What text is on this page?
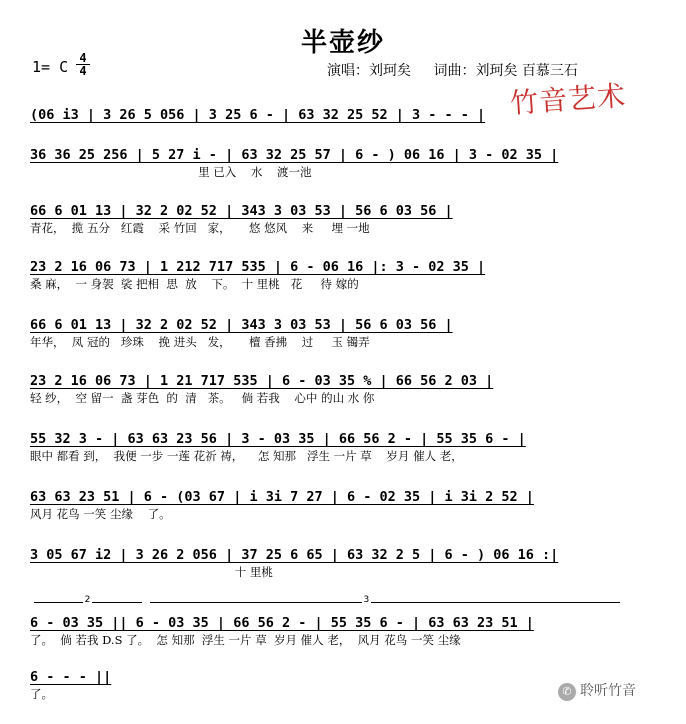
半壶纱
1= C $\frac{4}{4}$	演唱：刘珂矣 词曲：刘珂矣 百慕三石
竹音艺术
(06 i3 | 3 26 5 056 | 3 25 6 - | 63 32 25 52 | 3 - - - |
36 36 25 256 | 5 27 i - | 63 32 25 57 | 6 - ) 06 16 | 3 - 02 35 |
里 已入    水    渡一池
66 6 01 13 | 32 2 02 52 | 343 3 03 53 | 56 6 03 56 |
青花，  揽 五分   红霞    采 竹回   家，     悠 悠风    来     埋 一地
23 2 16 06 73 | 1 212 717 535 | 6 - 06 16 |: 3 - 02 35 |
桑 麻，  一 身袈  裟 把相  思  放    下。  十 里桃   花     待 嫁的
66 6 01 13 | 32 2 02 52 | 343 3 03 53 | 56 6 03 56 |
年华，  凤 冠的   珍珠    挽 进头   发，     檀 香拂    过     玉 镯弄
23 2 16 06 73 | 1 21 717 535 | 6 - 03 35 % | 66 56 2 03 |
轻 纱，  空 留一  盏 芽色  的  清   茶。   倘 若我    心中 的山 水 你
55 32 3 - | 63 63 23 56 | 3 - 03 35 | 66 56 2 - | 55 35 6 - |
眼中 都看 到，  我便 一步 一莲 花祈 祷，    怎 知那   浮生 一片 草    岁月 催人 老，
63 63 23 51 | 6 - (03 67 | i 3i 7 27 | 6 - 02 35 | i 3i 2 52 |
风月 花鸟 一笑 尘缘    了。
3 05 67 i2 | 3 26 2 056 | 37 25 6 65 | 63 32 2 5 | 6 - ) 06 16 :|
十 里桃
2	3
6 - 03 35 || 6 - 03 35 | 66 56 2 - | 55 35 6 - | 63 63 23 51 |
了。  倘 若我 D.S 了。  怎 知那  浮生 一片 草  岁月 催人 老，  风月 花鸟 一笑 尘缘
6 - - - ||
了。	✆ 聆听竹音
